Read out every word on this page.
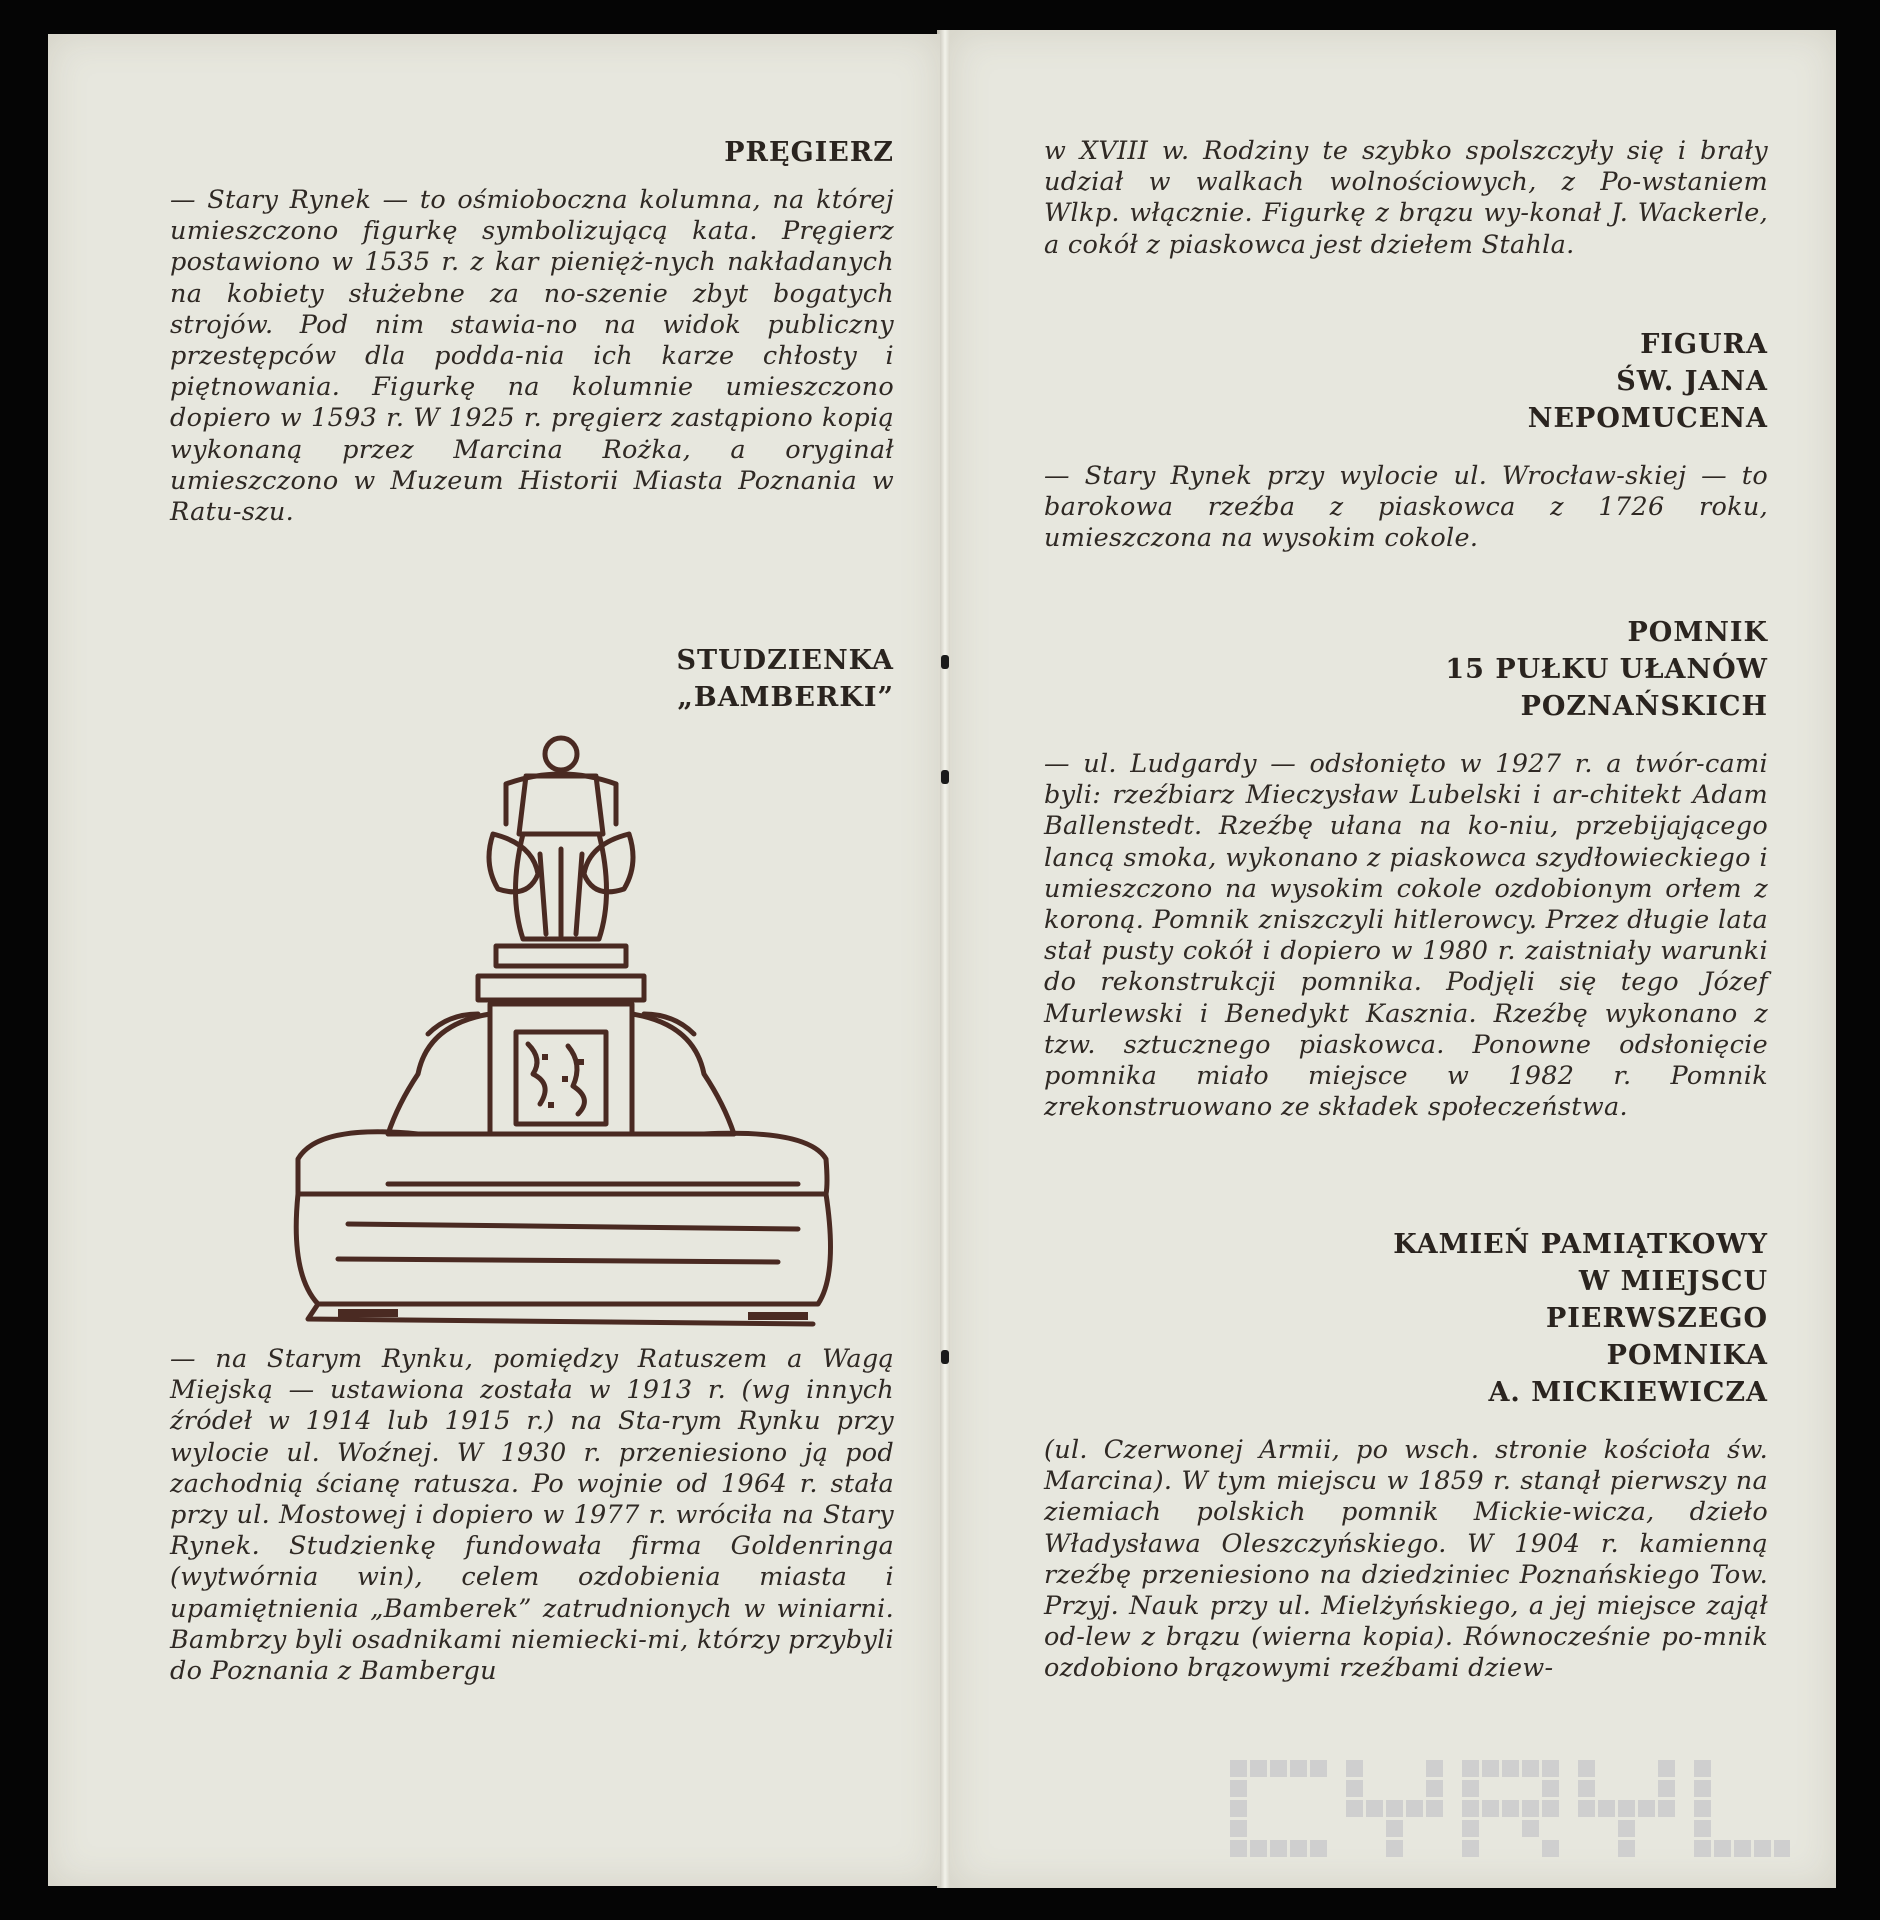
PRĘGIERZ

— Stary Rynek — to ośmioboczna kolumna, na której umieszczono figurkę symbolizującą kata. Pręgierz postawiono w 1535 r. z kar pienięż-nych nakładanych na kobiety służebne za no-szenie zbyt bogatych strojów. Pod nim stawia-no na widok publiczny przestępców dla podda-nia ich karze chłosty i piętnowania. Figurkę na kolumnie umieszczono dopiero w 1593 r. W 1925 r. pręgierz zastąpiono kopią wykonaną przez Marcina Rożka, a oryginał umieszczono w Muzeum Historii Miasta Poznania w Ratu-szu.

STUDZIENKA
„BAMBERKI”

— na Starym Rynku, pomiędzy Ratuszem a Wagą Miejską — ustawiona została w 1913 r. (wg innych źródeł w 1914 lub 1915 r.) na Sta-rym Rynku przy wylocie ul. Woźnej. W 1930 r. przeniesiono ją pod zachodnią ścianę ratusza. Po wojnie od 1964 r. stała przy ul. Mostowej i dopiero w 1977 r. wróciła na Stary Rynek. Studzienkę fundowała firma Goldenringa (wytwórnia win), celem ozdobienia miasta i upamiętnienia „Bamberek” zatrudnionych w winiarni. Bambrzy byli osadnikami niemiecki-mi, którzy przybyli do Poznania z Bambergu

w XVIII w. Rodziny te szybko spolszczyły się i brały udział w walkach wolnościowych, z Po-wstaniem Wlkp. włącznie. Figurkę z brązu wy-konał J. Wackerle, a cokół z piaskowca jest dziełem Stahla.

FIGURA
ŚW. JANA
NEPOMUCENA

— Stary Rynek przy wylocie ul. Wrocław-skiej — to barokowa rzeźba z piaskowca z 1726 roku, umieszczona na wysokim cokole.

POMNIK
15 PUŁKU UŁANÓW
POZNAŃSKICH

— ul. Ludgardy — odsłonięto w 1927 r. a twór-cami byli: rzeźbiarz Mieczysław Lubelski i ar-chitekt Adam Ballenstedt. Rzeźbę ułana na ko-niu, przebijającego lancą smoka, wykonano z piaskowca szydłowieckiego i umieszczono na wysokim cokole ozdobionym orłem z koroną. Pomnik zniszczyli hitlerowcy. Przez długie lata stał pusty cokół i dopiero w 1980 r. zaistniały warunki do rekonstrukcji pomnika. Podjęli się tego Józef Murlewski i Benedykt Kasznia. Rzeźbę wykonano z tzw. sztucznego piaskowca. Ponowne odsłonięcie pomnika miało miejsce w 1982 r. Pomnik zrekonstruowano ze składek społeczeństwa.

KAMIEŃ PAMIĄTKOWY
W MIEJSCU
PIERWSZEGO
POMNIKA
A. MICKIEWICZA

(ul. Czerwonej Armii, po wsch. stronie kościoła św. Marcina). W tym miejscu w 1859 r. stanął pierwszy na ziemiach polskich pomnik Mickie-wicza, dzieło Władysława Oleszczyńskiego. W 1904 r. kamienną rzeźbę przeniesiono na dziedziniec Poznańskiego Tow. Przyj. Nauk przy ul. Mielżyńskiego, a jej miejsce zajął od-lew z brązu (wierna kopia). Równocześnie po-mnik ozdobiono brązowymi rzeźbami dziew-
